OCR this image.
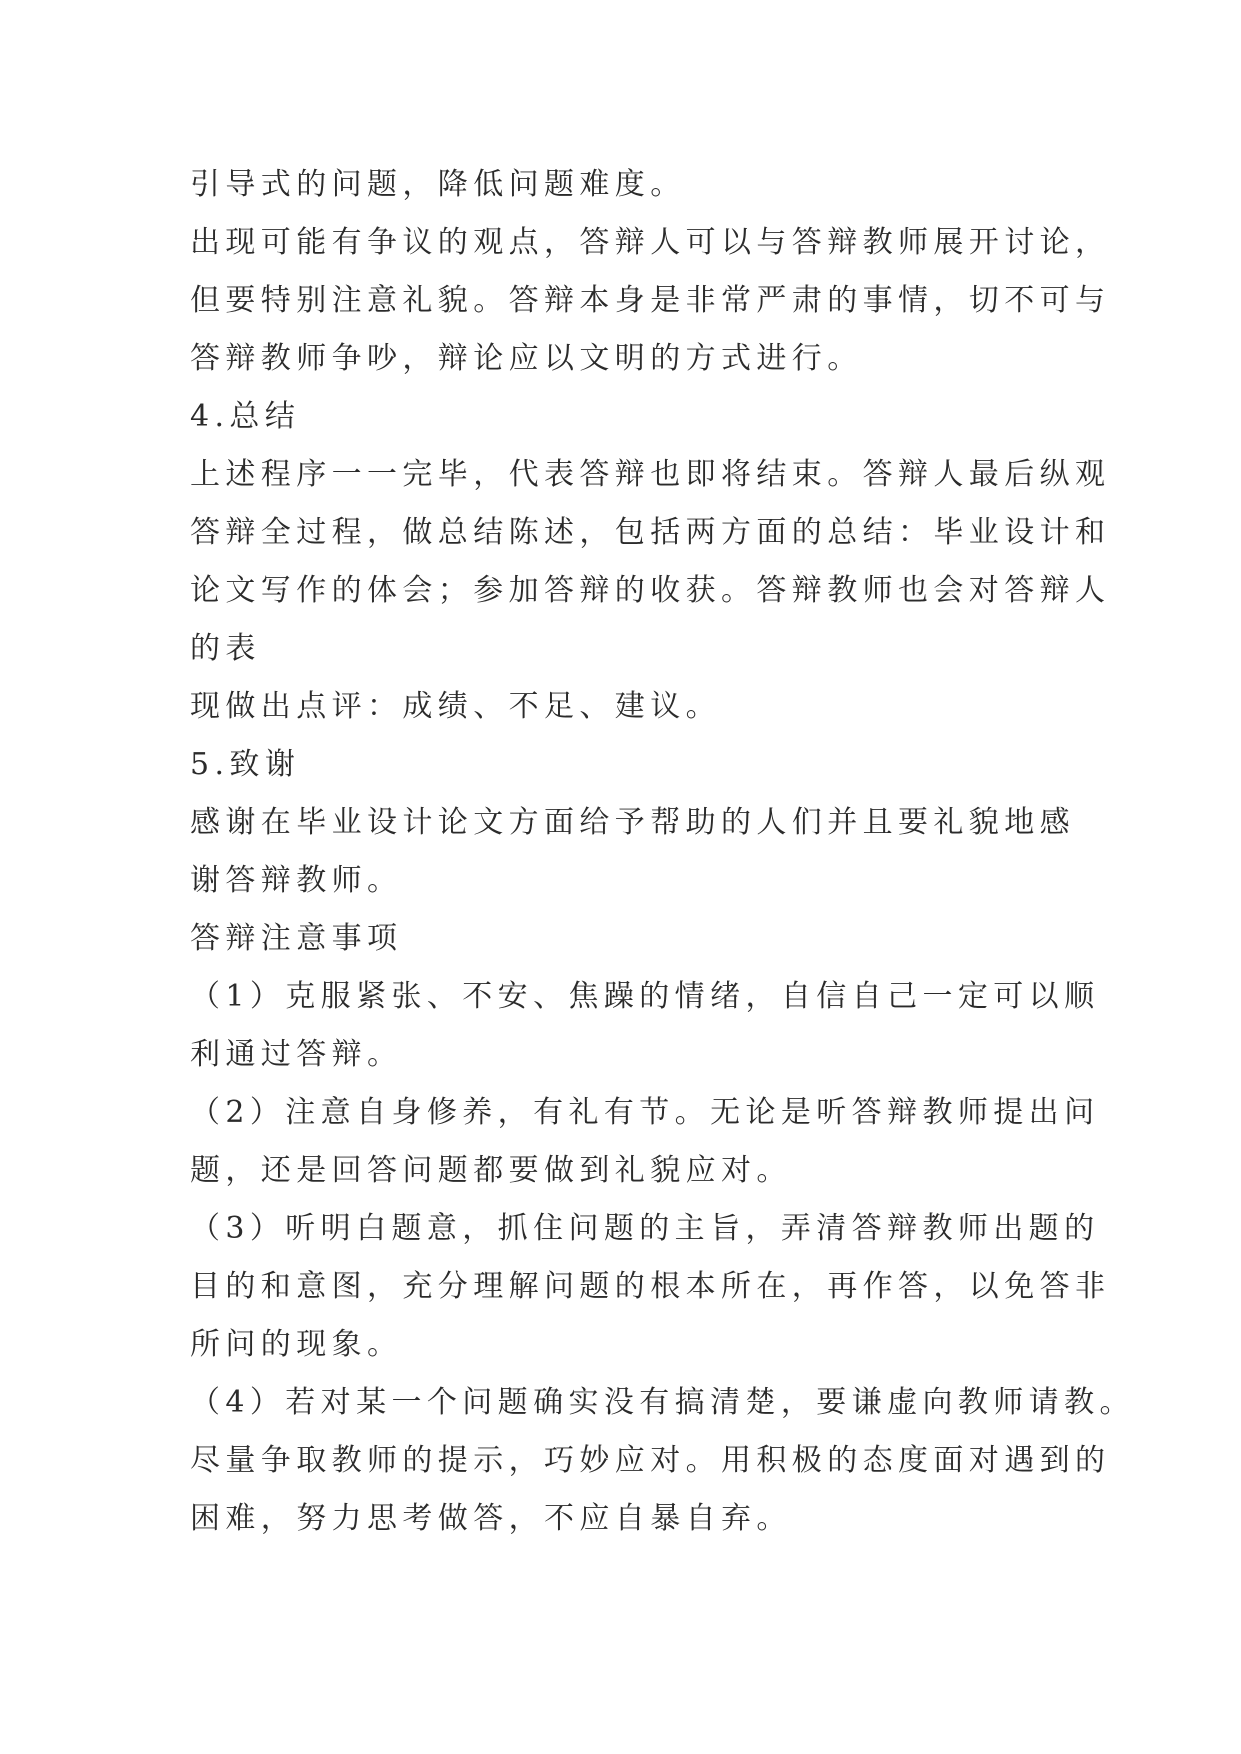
引导式的问题，降低问题难度。
出现可能有争议的观点，答辩人可以与答辩教师展开讨论，
但要特别注意礼貌。答辩本身是非常严肃的事情，切不可与
答辩教师争吵，辩论应以文明的方式进行。
4.总结
上述程序一一完毕，代表答辩也即将结束。答辩人最后纵观
答辩全过程，做总结陈述，包括两方面的总结：毕业设计和
论文写作的体会；参加答辩的收获。答辩教师也会对答辩人
的表
现做出点评：成绩、不足、建议。
5.致谢
感谢在毕业设计论文方面给予帮助的人们并且要礼貌地感
谢答辩教师。
答辩注意事项
（1）克服紧张、不安、焦躁的情绪，自信自己一定可以顺
利通过答辩。
（2）注意自身修养，有礼有节。无论是听答辩教师提出问
题，还是回答问题都要做到礼貌应对。
（3）听明白题意，抓住问题的主旨，弄清答辩教师出题的
目的和意图，充分理解问题的根本所在，再作答，以免答非
所问的现象。
（4）若对某一个问题确实没有搞清楚，要谦虚向教师请教。
尽量争取教师的提示，巧妙应对。用积极的态度面对遇到的
困难，努力思考做答，不应自暴自弃。
